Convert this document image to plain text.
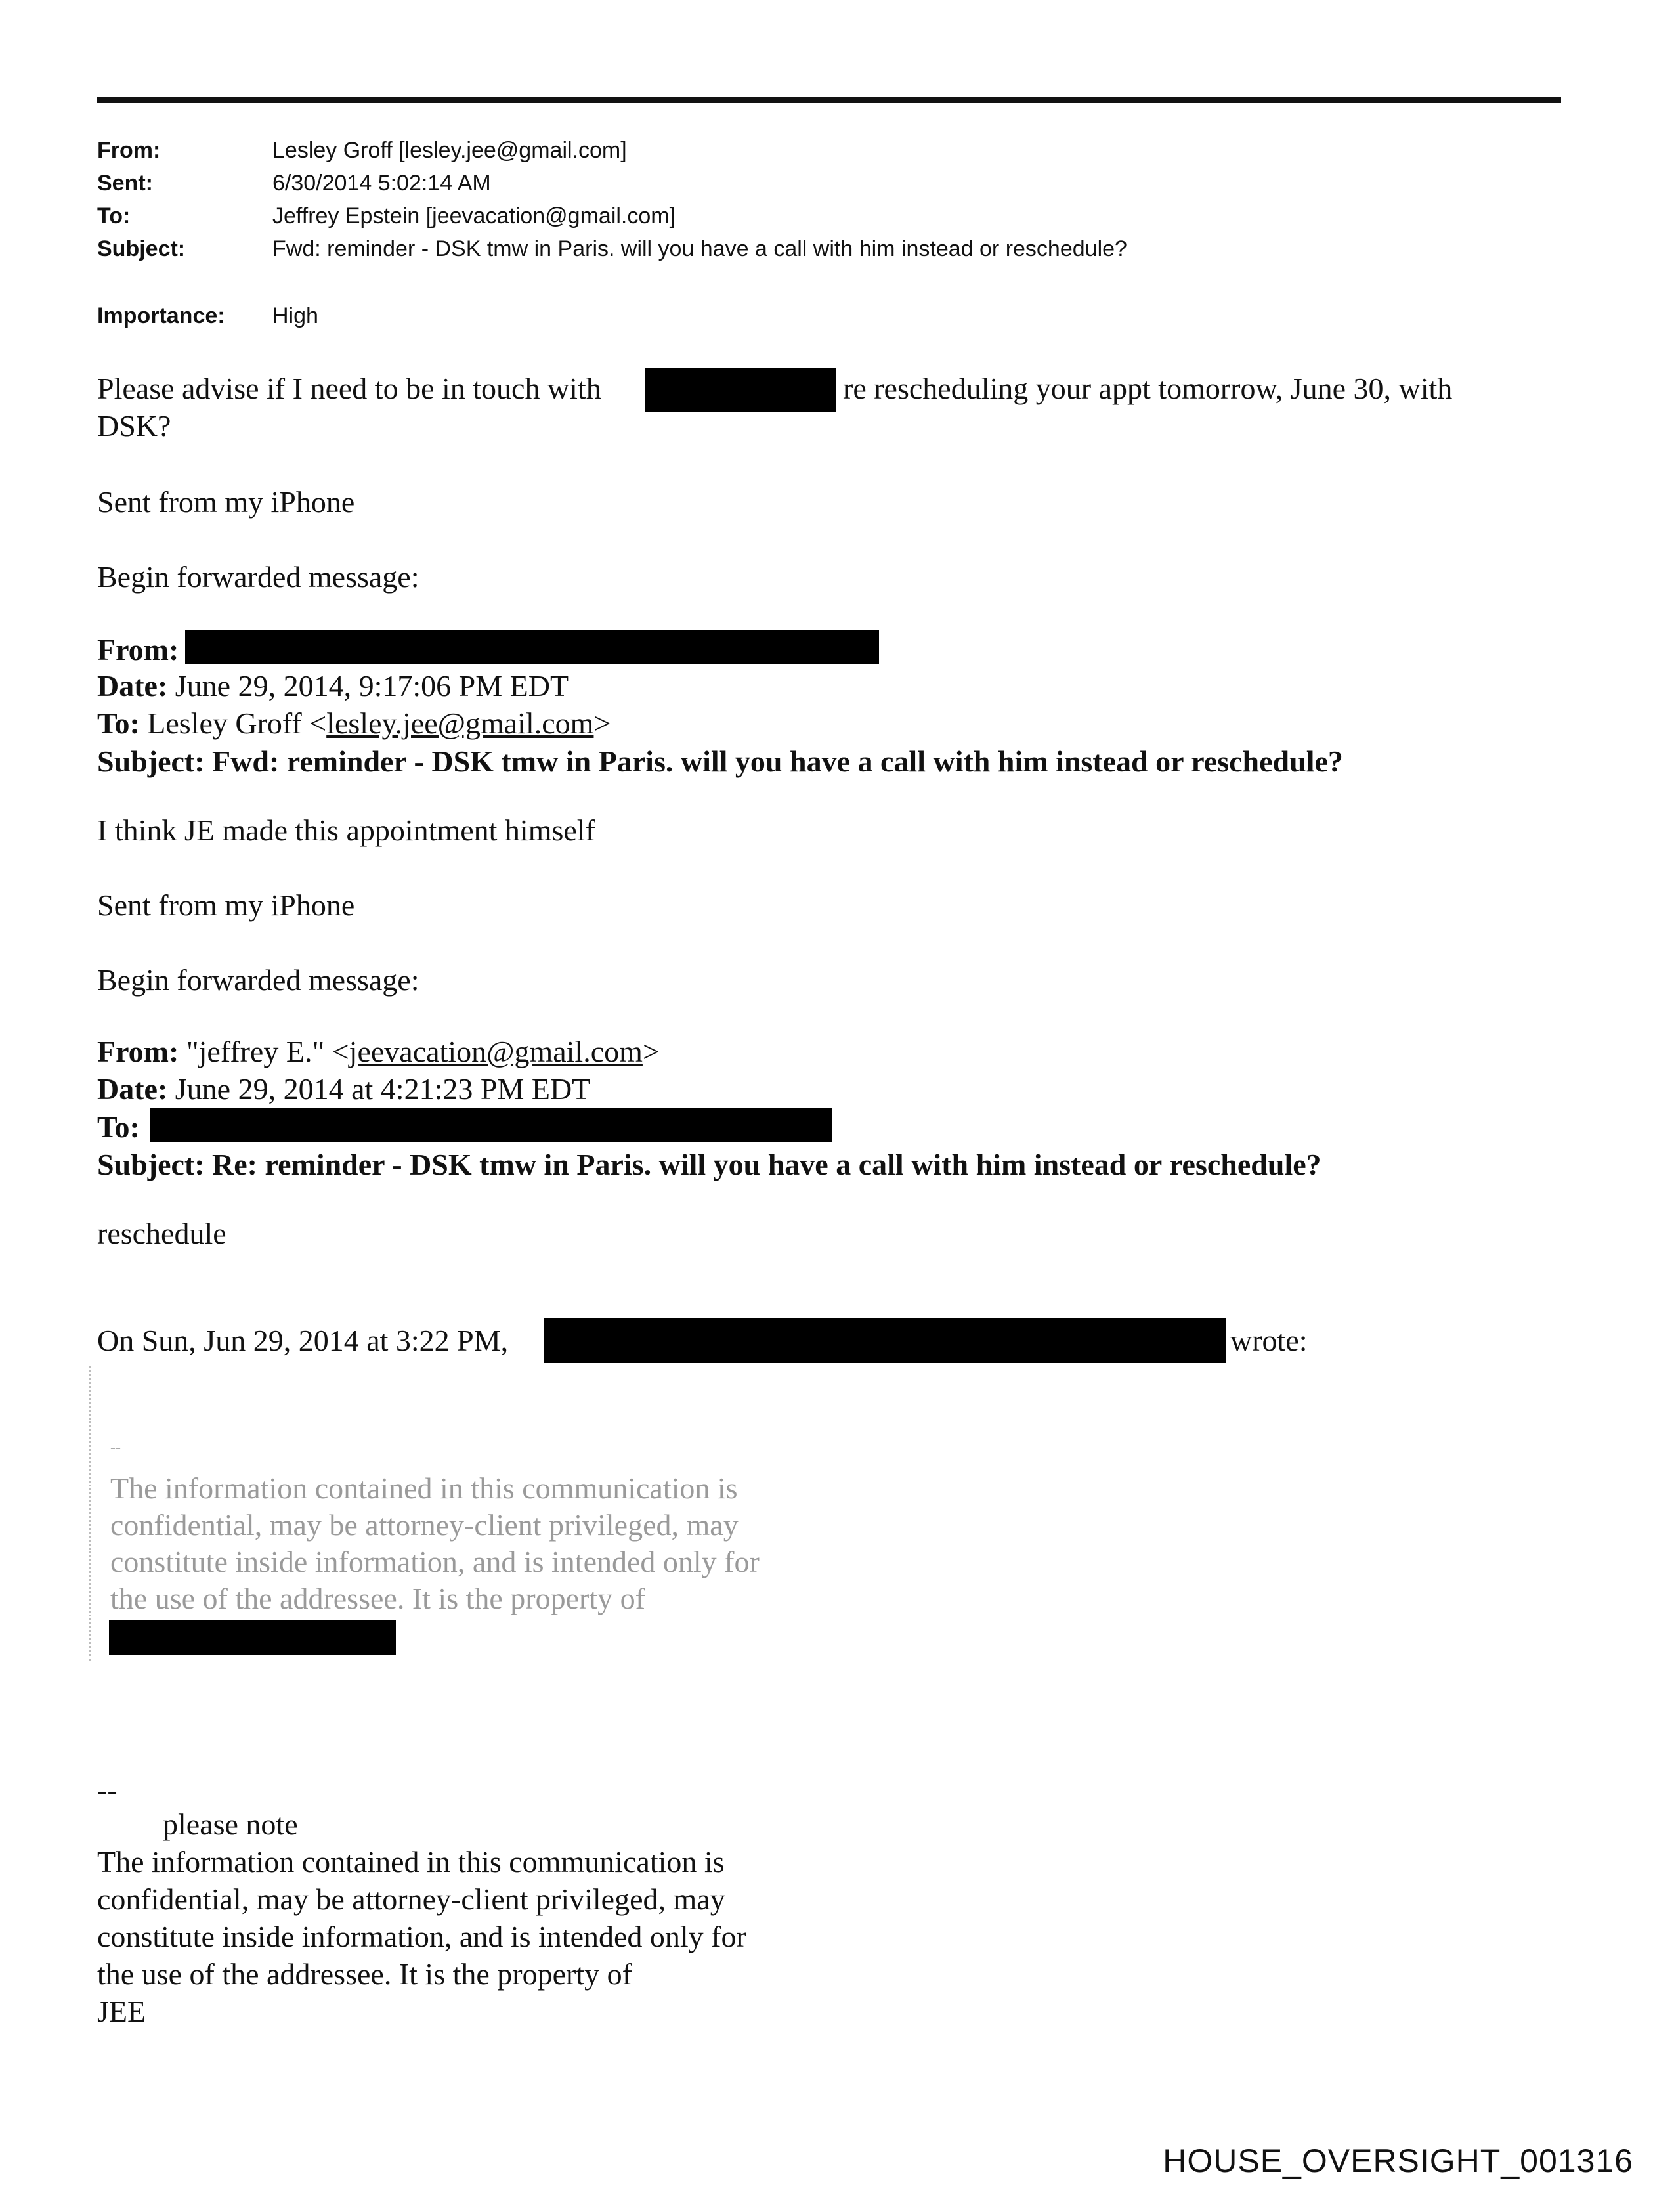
From:	Lesley Groff [lesley.jee@gmail.com]
Sent:	6/30/2014 5:02:14 AM
To:	Jeffrey Epstein [jeevacation@gmail.com]
Subject:	Fwd: reminder - DSK tmw in Paris. will you have a call with him instead or reschedule?
Importance: High
Please advise if I need to be in touch with	re rescheduling your appt tomorrow, June 30, with
DSK?
Sent from my iPhone
Begin forwarded message:
From:
Date: June 29, 2014, 9:17:06 PM EDT
To: Lesley Groff <lesley.jee@gmail.com>
Subject: Fwd: reminder - DSK tmw in Paris. will you have a call with him instead or reschedule?
I think JE made this appointment himself
Sent from my iPhone
Begin forwarded message:
From: "jeffrey E." <jeevacation@gmail.com>
Date: June 29, 2014 at 4:21:23 PM EDT
To:
Subject: Re: reminder - DSK tmw in Paris. will you have a call with him instead or reschedule?
reschedule
On Sun, Jun 29, 2014 at 3:22 PM,	wrote:
--
The information contained in this communication is
confidential, may be attorney-client privileged, may
constitute inside information, and is intended only for
the use of the addressee. It is the property of
--
please note
The information contained in this communication is
confidential, may be attorney-client privileged, may
constitute inside information, and is intended only for
the use of the addressee. It is the property of
JEE
HOUSE_OVERSIGHT_001316
